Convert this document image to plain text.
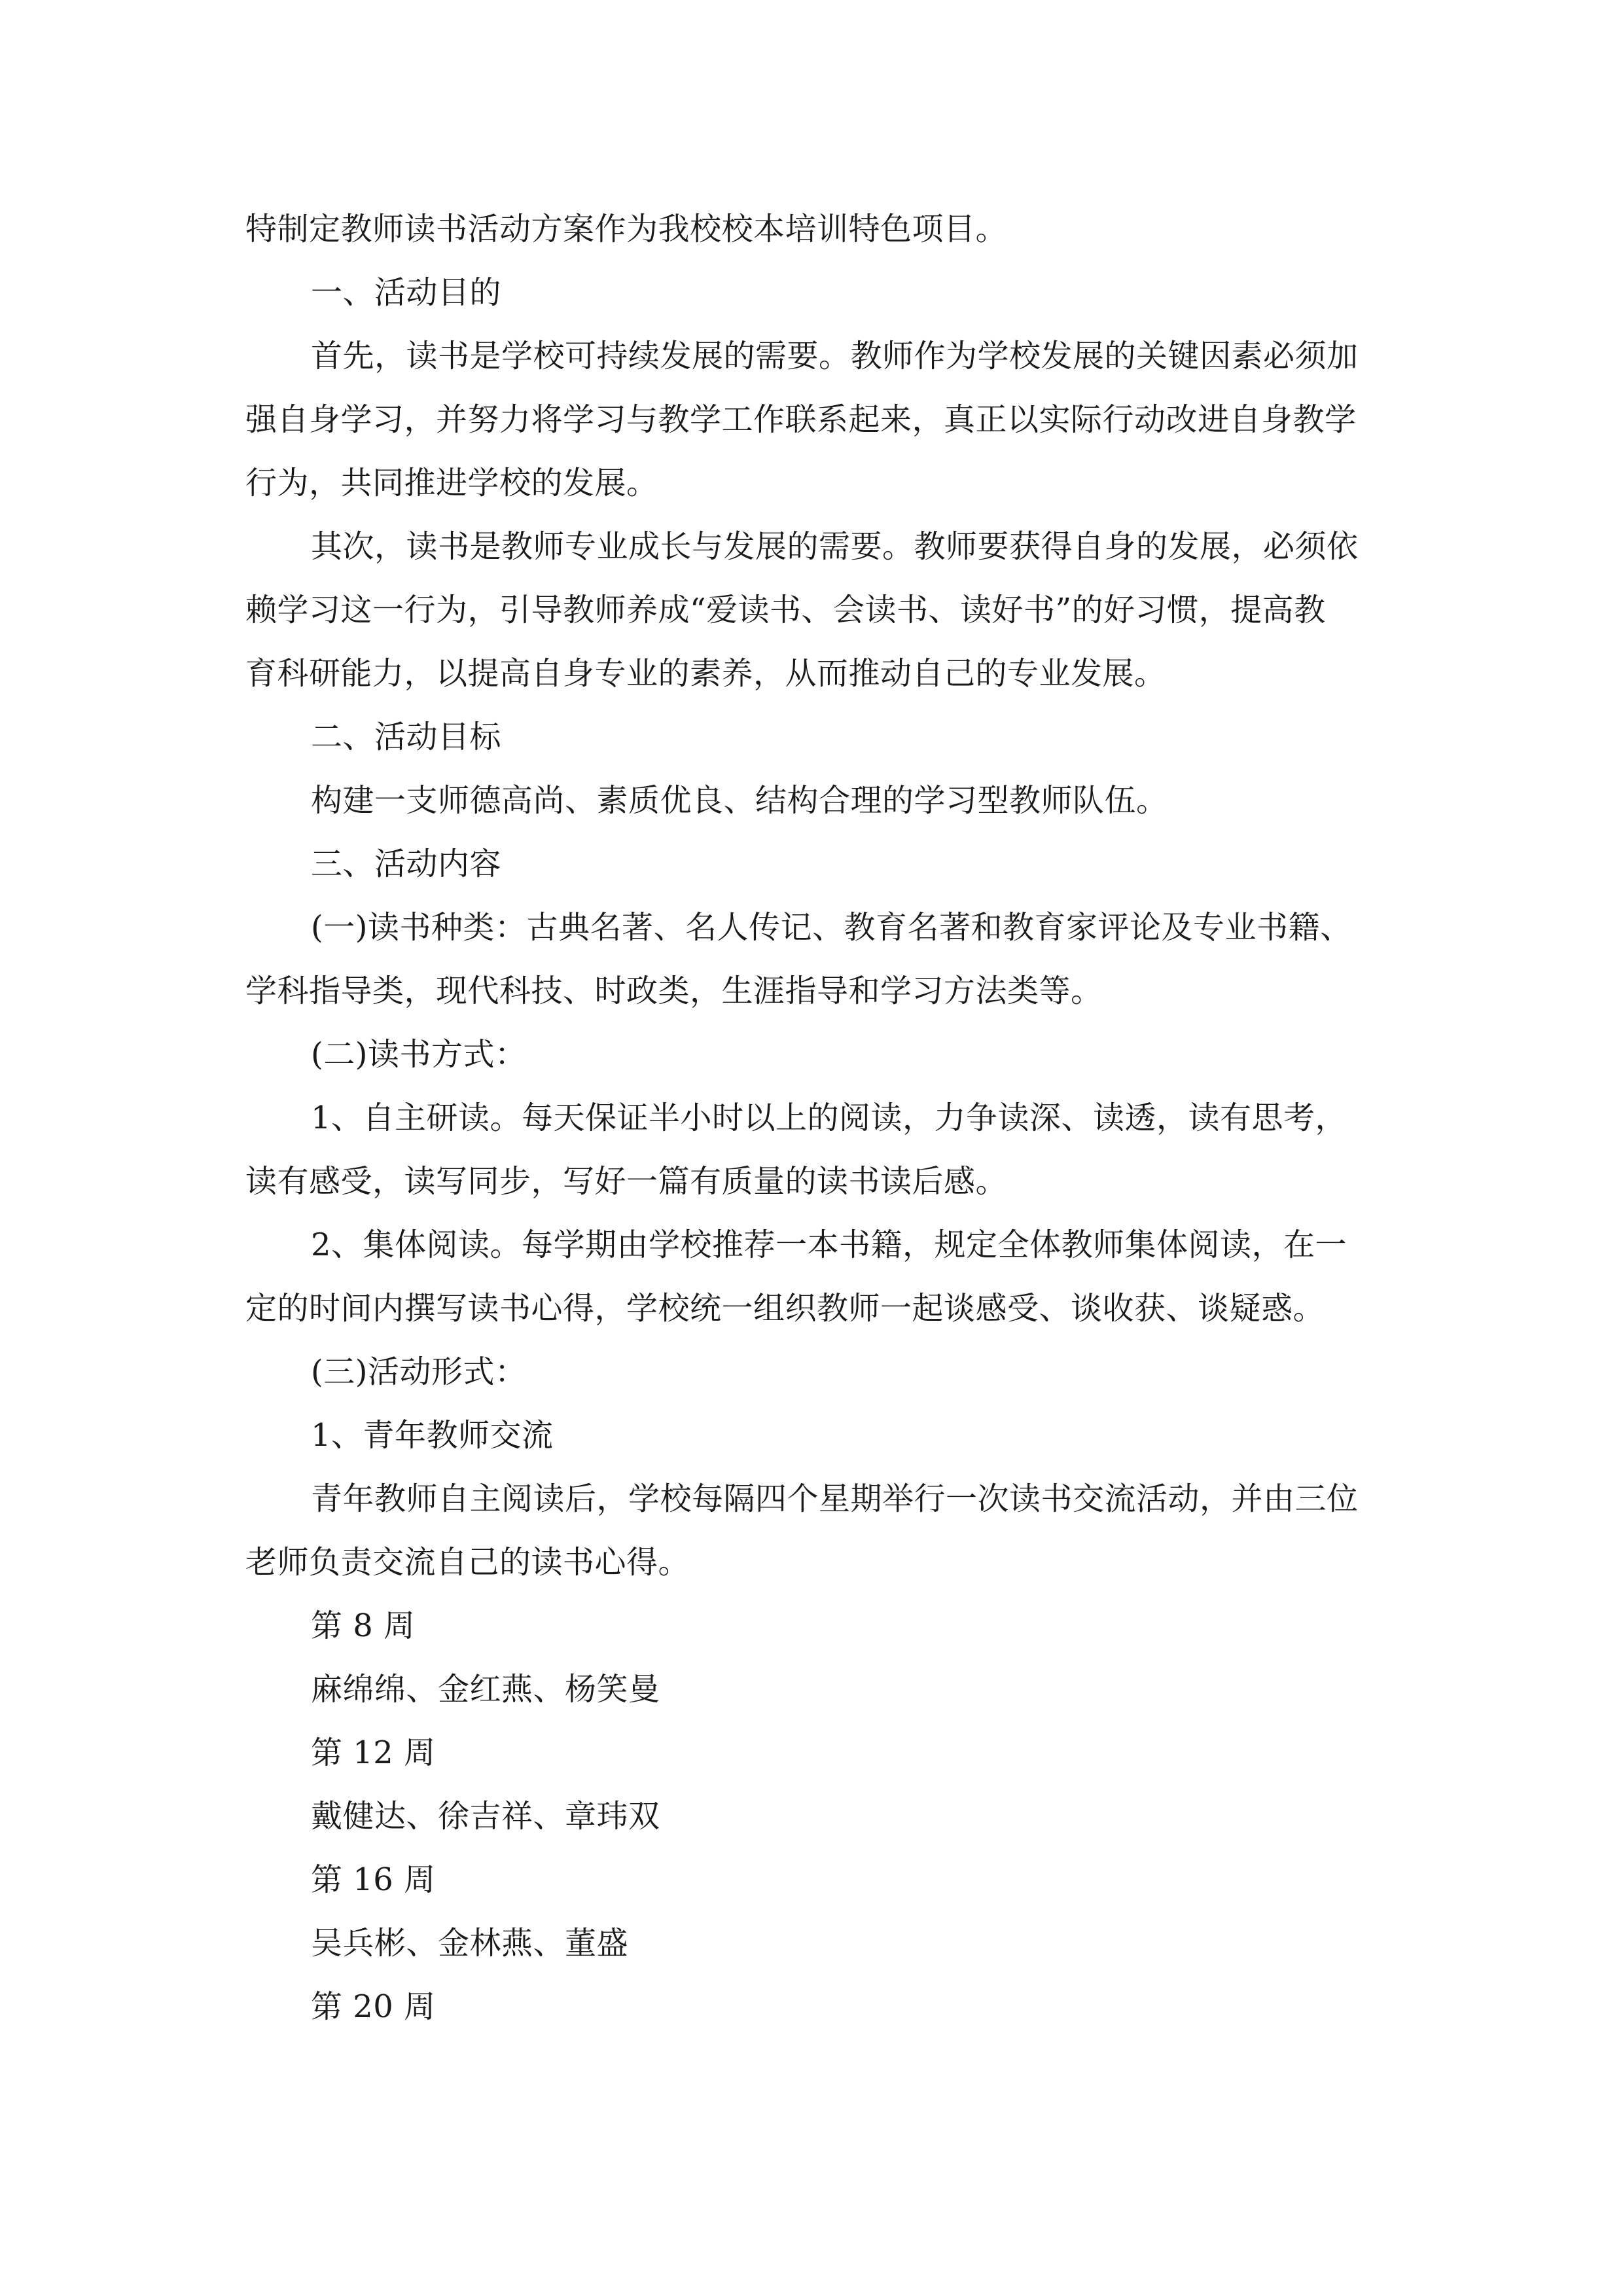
特制定教师读书活动方案作为我校校本培训特色项目。
一、活动目的
首先，读书是学校可持续发展的需要。教师作为学校发展的关键因素必须加
强自身学习，并努力将学习与教学工作联系起来，真正以实际行动改进自身教学
行为，共同推进学校的发展。
其次，读书是教师专业成长与发展的需要。教师要获得自身的发展，必须依
赖学习这一行为，引导教师养成“爱读书、会读书、读好书”的好习惯，提高教
育科研能力，以提高自身专业的素养，从而推动自己的专业发展。
二、活动目标
构建一支师德高尚、素质优良、结构合理的学习型教师队伍。
三、活动内容
(一)读书种类：古典名著、名人传记、教育名著和教育家评论及专业书籍、
学科指导类，现代科技、时政类，生涯指导和学习方法类等。
(二)读书方式：
1、自主研读。每天保证半小时以上的阅读，力争读深、读透，读有思考，
读有感受，读写同步，写好一篇有质量的读书读后感。
2、集体阅读。每学期由学校推荐一本书籍，规定全体教师集体阅读，在一
定的时间内撰写读书心得，学校统一组织教师一起谈感受、谈收获、谈疑惑。
(三)活动形式：
1、青年教师交流
青年教师自主阅读后，学校每隔四个星期举行一次读书交流活动，并由三位
老师负责交流自己的读书心得。
第 8 周
麻绵绵、金红燕、杨笑曼
第 12 周
戴健达、徐吉祥、章玮双
第 16 周
吴兵彬、金林燕、董盛
第 20 周
